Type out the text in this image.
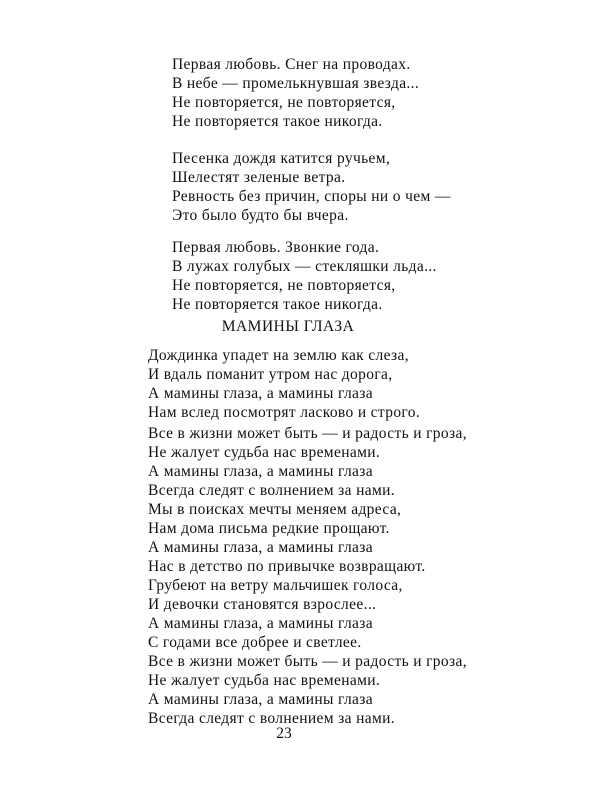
Первая любовь. Снег на проводах.
В небе — промелькнувшая звезда...
Не повторяется, не повторяется,
Не повторяется такое никогда.
Песенка дождя катится ручьем,
Шелестят зеленые ветра.
Ревность без причин, споры ни о чем —
Это было будто бы вчера.
Первая любовь. Звонкие года.
В лужах голубых — стекляшки льда...
Не повторяется, не повторяется,
Не повторяется такое никогда.
МАМИНЫ ГЛАЗА
Дождинка упадет на землю как слеза,
И вдаль поманит утром нас дорога,
А мамины глаза, а мамины глаза
Нам вслед посмотрят ласково и строго.
Все в жизни может быть — и радость и гроза,
Не жалует судьба нас временами.
А мамины глаза, а мамины глаза
Всегда следят с волнением за нами.
Мы в поисках мечты меняем адреса,
Нам дома письма редкие прощают.
А мамины глаза, а мамины глаза
Нас в детство по привычке возвращают.
Грубеют на ветру мальчишек голоса,
И девочки становятся взрослее...
А мамины глаза, а мамины глаза
С годами все добрее и светлее.
Все в жизни может быть — и радость и гроза,
Не жалует судьба нас временами.
А мамины глаза, а мамины глаза
Всегда следят с волнением за нами.
23
